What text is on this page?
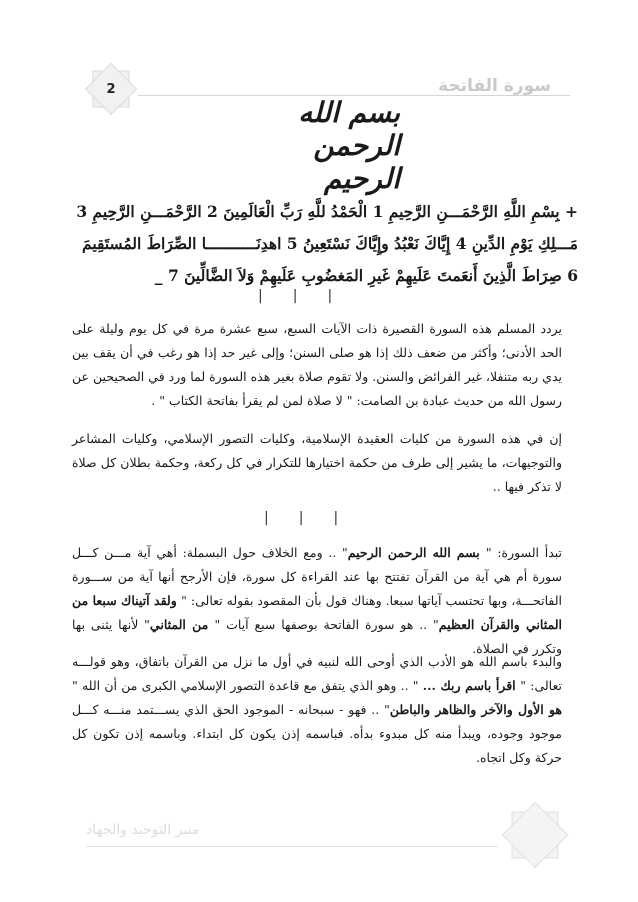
2	سورة الفاتحة
بسم الله الرحمن الرحيم
+ بِسْمِ اللَّهِ الرَّحْمَـــنِ الرَّحِيمِ 1 الْحَمْدُ للَّهِ رَبِّ الْعَالَمِينَ 2 الرَّحْمَـــنِ الرَّحِيمِ 3 مَـــلِكِ يَوْمِ الدِّينِ 4 إِيَّاكَ نَعْبُدُ وإِيَّاكَ نَسْتَعِينُ 5 اهدِنَـــــــــــا الصِّرَاطَ المُستَقِيمَ 6 صِرَاطَ الَّذِينَ أَنعَمتَ عَلَيهِمْ غَيرِ المَغضُوبِ عَلَيهِمْ وَلاَ الضَّالِّينَ 7 _
|
|
|
يردد المسلم هذه السورة القصيرة ذات الآيات السبع، سبع عشرة مرة في كل يوم وليلة على الحد الأدنى؛ وأكثر من ضعف ذلك إذا هو صلى السنن؛ وإلى غير حد إذا هو رغب في أن يقف بين يدي ربه متنفلا، غير الفرائض والسنن. ولا تقوم صلاة بغير هذه السورة لما ورد في الصحيحين عن رسول الله من حديث عبادة بن الصامت: " لا صلاة لمن لم يقرأ بفاتحة الكتاب " .
إن في هذه السورة من كليات العقيدة الإسلامية، وكليات التصور الإسلامي، وكليات المشاعر والتوجيهات، ما يشير إلى طرف من حكمة اختيارها للتكرار في كل ركعة، وحكمة بطلان كل صلاة لا تذكر فيها ..
|
|
|
تبدأ السورة: " بسم الله الرحمن الرحيم" .. ومع الخلاف حول البسملة: أهي آية مـــن كـــل سورة أم هي آية من القرآن تفتتح بها عند القراءة كل سورة، فإن الأرجح أنها آية من ســـورة الفاتحـــة، وبها تحتسب آياتها سبعا. وهناك قول بأن المقصود بقوله تعالى: " ولقد آتيناك سبعا من المثاني والقرآن العظيم" .. هو سورة الفاتحة بوصفها سبع آيات " من المثاني" لأنها يثنى بها وتكرر في الصلاة.
والبدء باسم الله هو الأدب الذي أوحى الله لنبيه في أول ما نزل من القرآن باتفاق، وهو قولـــه تعالى: " اقرأ باسم ربك ... " .. وهو الذي يتفق مع قاعدة التصور الإسلامي الكبرى من أن الله " هو الأول والآخر والظاهر والباطن" .. فهو - سبحانه - الموجود الحق الذي يســـتمد منـــه كـــل موجود وجوده، ويبدأ منه كل مبدوء بدأه. فباسمه إذن يكون كل ابتداء. وباسمه إذن تكون كل حركة وكل اتجاه.
منبر التوحيد والجهاد
